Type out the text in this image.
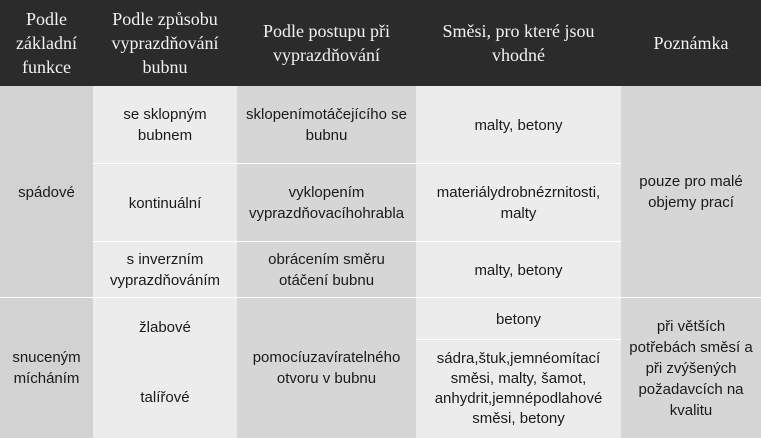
Podle základní funkce
Podle způsobu vyprazdňování bubnu
Podle postupu při vyprazdňování
Směsi, pro které jsou vhodné
Poznámka
spádové
se sklopným bubnem
sklopenímotáčejícího se bubnu
malty, betony
kontinuální
vyklopením vyprazdňovacíhohrabla
materiálydrobnézrnitosti, malty
s inverzním vyprazdňováním
obrácením směru otáčení bubnu
malty, betony
pouze pro malé objemy prací
snuceným mícháním
žlabové
talířové
pomocíuzavíratelného otvoru v bubnu
betony
sádra,štuk,jemnéomítací směsi, malty, šamot, anhydrit,jemnépodlahové směsi, betony
při větších potřebách směsí a při zvýšených požadavcích na kvalitu
